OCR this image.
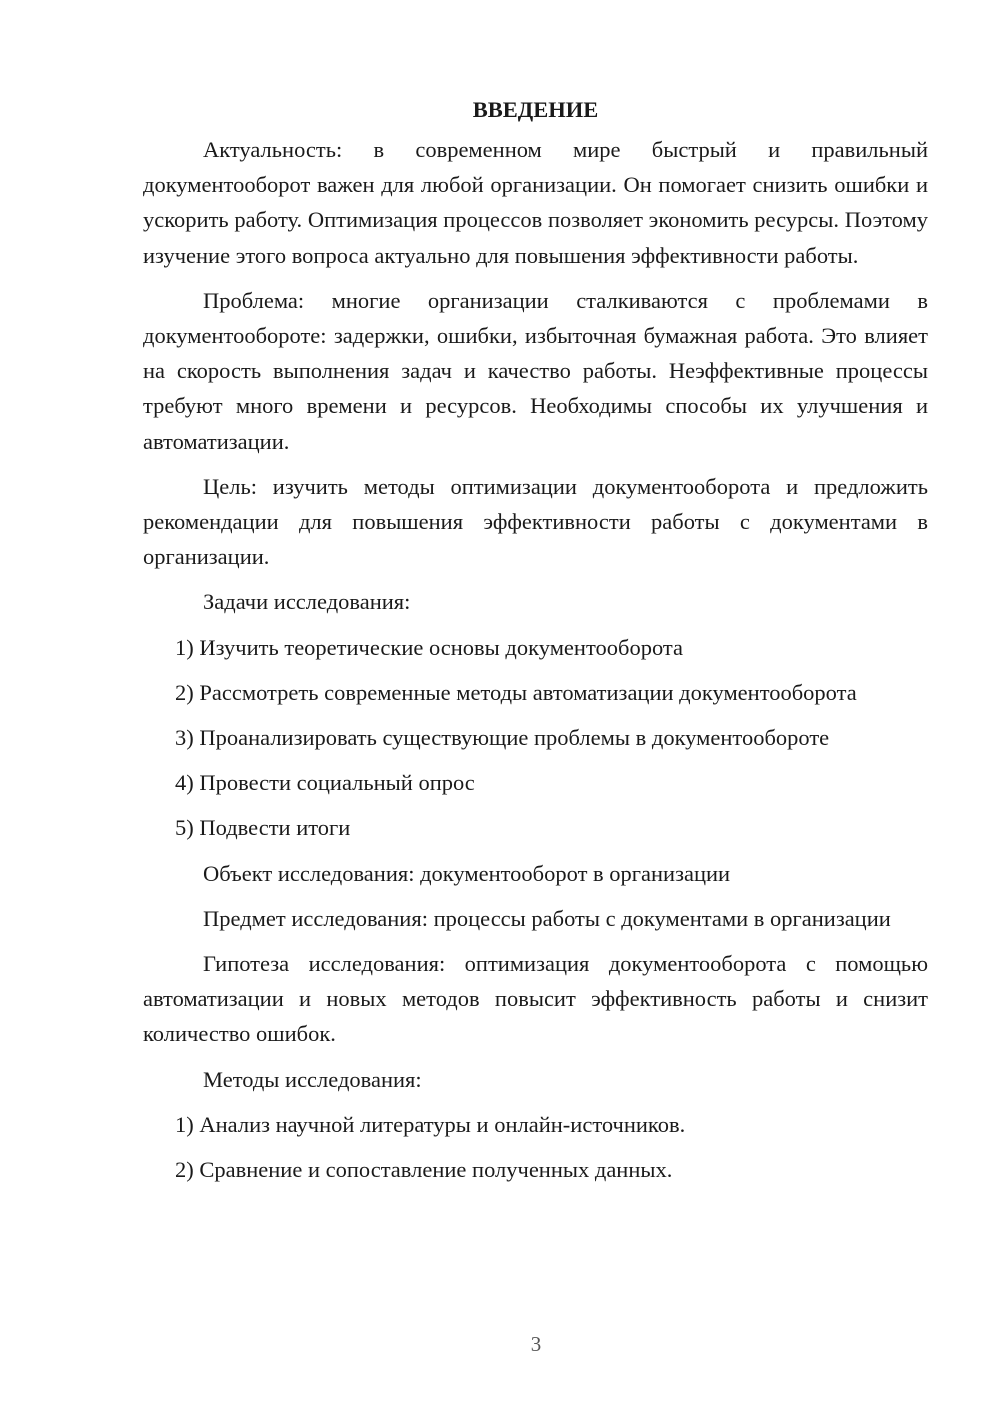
ВВЕДЕНИЕ

Актуальность: в современном мире быстрый и правильный документооборот важен для любой организации. Он помогает снизить ошибки и ускорить работу. Оптимизация процессов позволяет экономить ресурсы. Поэтому изучение этого вопроса актуально для повышения эффективности работы.

Проблема: многие организации сталкиваются с проблемами в документообороте: задержки, ошибки, избыточная бумажная работа. Это влияет на скорость выполнения задач и качество работы. Неэффективные процессы требуют много времени и ресурсов. Необходимы способы их улучшения и автоматизации.

Цель: изучить методы оптимизации документооборота и предложить рекомендации для повышения эффективности работы с документами в организации.

Задачи исследования:

1) Изучить теоретические основы документооборота

2) Рассмотреть современные методы автоматизации документооборота

3) Проанализировать существующие проблемы в документообороте

4) Провести социальный опрос

5) Подвести итоги

Объект исследования: документооборот в организации

Предмет исследования: процессы работы с документами в организации

Гипотеза исследования: оптимизация документооборота с помощью автоматизации и новых методов повысит эффективность работы и снизит количество ошибок.

Методы исследования:

1) Анализ научной литературы и онлайн-источников.

2) Сравнение и сопоставление полученных данных.

3
